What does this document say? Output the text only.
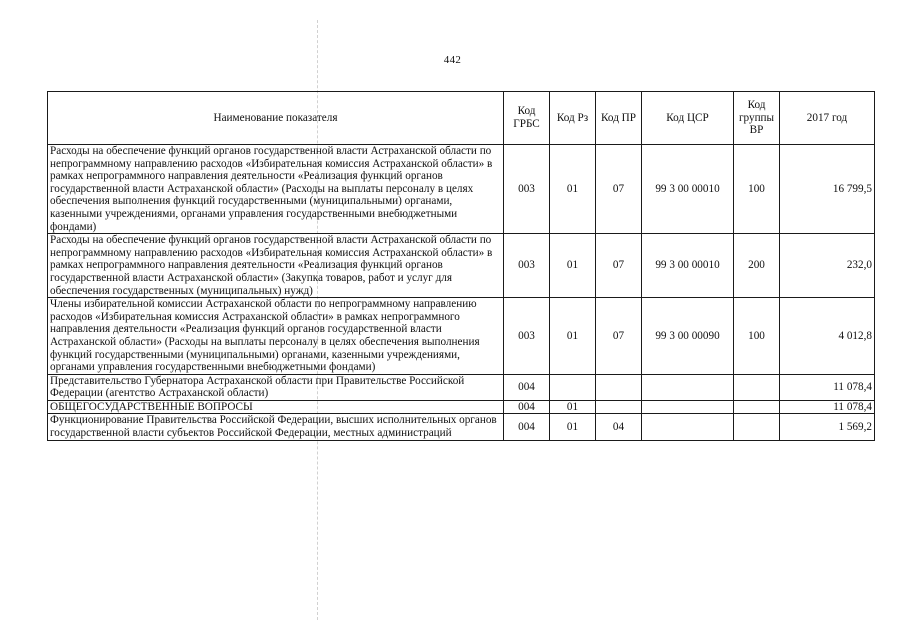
442
Наименование показателя	Код ГРБС	Код Рз	Код ПР	Код ЦСР	Код группы ВР	2017 год
Расходы на обеспечение функций органов государственной власти Астраханской области по непрограммному направлению расходов «Избирательная комиссия Астраханской области» в рамках непрограммного направления деятельности «Реализация функций органов государственной власти Астраханской области» (Расходы на выплаты персоналу в целях обеспечения выполнения функций государственными (муниципальными) органами, казенными учреждениями, органами управления государственными внебюджетными фондами)	003	01	07	99 3 00 00010	100	16 799,5
Расходы на обеспечение функций органов государственной власти Астраханской области по непрограммному направлению расходов «Избирательная комиссия Астраханской области» в рамках непрограммного направления деятельности «Реализация функций органов государственной власти Астраханской области» (Закупка товаров, работ и услуг для обеспечения государственных (муниципальных) нужд)	003	01	07	99 3 00 00010	200	232,0
Члены избирательной комиссии Астраханской области по непрограммному направлению расходов «Избирательная комиссия Астраханской области» в рамках непрограммного направления деятельности «Реализация функций органов государственной власти Астраханской области» (Расходы на выплаты персоналу в целях обеспечения выполнения функций государственными (муниципальными) органами, казенными учреждениями, органами управления государственными внебюджетными фондами)	003	01	07	99 3 00 00090	100	4 012,8
Представительство Губернатора Астраханской области при Правительстве Российской Федерации (агентство Астраханской области)	004					11 078,4
ОБЩЕГОСУДАРСТВЕННЫЕ ВОПРОСЫ	004	01				11 078,4
Функционирование Правительства Российской Федерации, высших исполнительных органов государственной власти субъектов Российской Федерации, местных администраций	004	01	04			1 569,2
